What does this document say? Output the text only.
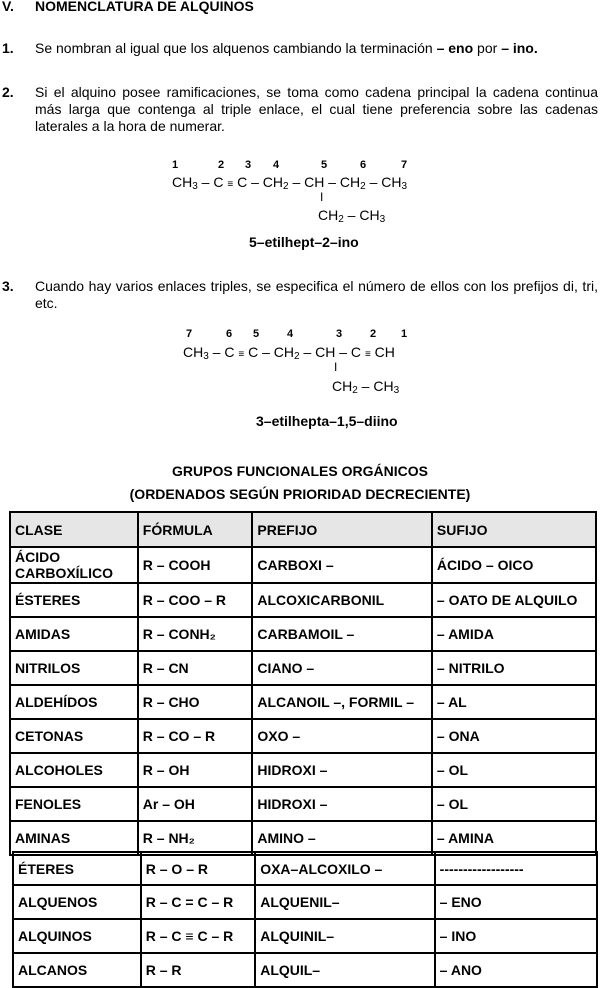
V. NOMENCLATURA DE ALQUINOS
1. Se nombran al igual que los alquenos cambiando la terminación – eno por – ino.
2. Si el alquino posee ramificaciones, se toma como cadena principal la cadena continua más larga que contenga al triple enlace, el cual tiene preferencia sobre las cadenas laterales a la hora de numerar.
1	2 3 4	5	6	7
$CH_3 - C \equiv C - CH_2$ – CH – $CH_2 - CH_3$
I
$CH_2 - CH_3$
5–etilhept–2–ino
3. Cuando hay varios enlaces triples, se especifica el número de ellos con los prefijos di, tri, etc.
7	6 5	4	3	2 1
$CH_3 - C \equiv C - CH_2$ – CH – C ≡ CH
I
$CH_2 - CH_3$
3–etilhepta–1,5–diino
GRUPOS FUNCIONALES ORGÁNICOS
(ORDENADOS SEGÚN PRIORIDAD DECRECIENTE)
CLASE	FÓRMULA	PREFIJO	SUFIJO
ÁCIDO CARBOXÍLICO	R – COOH	CARBOXI –	ÁCIDO – OICO
ÉSTERES	R – COO – R	ALCOXICARBONIL	– OATO DE ALQUILO
AMIDAS	R – CONH₂	CARBAMOIL –	– AMIDA
NITRILOS	R – CN	CIANO –	– NITRILO
ALDEHÍDOS	R – CHO	ALCANOIL –, FORMIL –	– AL
CETONAS	R – CO – R	OXO –	– ONA
ALCOHOLES	R – OH	HIDROXI –	– OL
FENOLES	Ar – OH	HIDROXI –	– OL
AMINAS	R – NH₂	AMINO –	– AMINA
ÉTERES	R – O – R	OXA–ALCOXILO –	------------------
ALQUENOS	R – C = C – R	ALQUENIL–	– ENO
ALQUINOS	R – C ≡ C – R	ALQUINIL–	– INO
ALCANOS	R – R	ALQUIL–	– ANO
